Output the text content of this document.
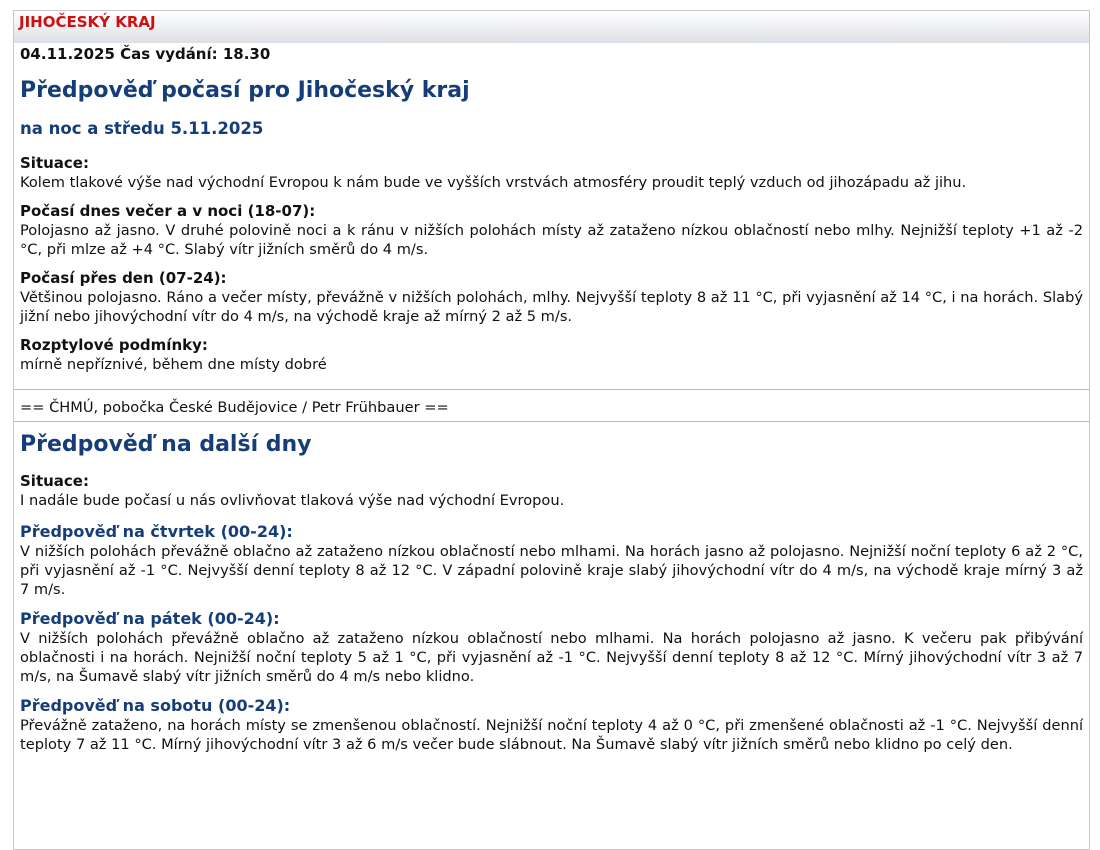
JIHOČESKÝ KRAJ
04.11.2025 Čas vydání: 18.30
Předpověď počasí pro Jihočeský kraj
na noc a středu 5.11.2025
Situace:
Kolem tlakové výše nad východní Evropou k nám bude ve vyšších vrstvách atmosféry proudit teplý vzduch od jihozápadu až jihu.
Počasí dnes večer a v noci (18-07):
Polojasno až jasno. V druhé polovině noci a k ránu v nižších polohách místy až zataženo nízkou oblačností nebo mlhy. Nejnižší teploty +1 až -2 °C, při mlze až +4 °C. Slabý vítr jižních směrů do 4 m/s.
Počasí přes den (07-24):
Většinou polojasno. Ráno a večer místy, převážně v nižších polohách, mlhy. Nejvyšší teploty 8 až 11 °C, při vyjasnění až 14 °C, i na horách. Slabý jižní nebo jihovýchodní vítr do 4 m/s, na východě kraje až mírný 2 až 5 m/s.
Rozptylové podmínky:
mírně nepříznivé, během dne místy dobré
== ČHMÚ, pobočka České Budějovice / Petr Frühbauer ==
Předpověď na další dny
Situace:
I nadále bude počasí u nás ovlivňovat tlaková výše nad východní Evropou.
Předpověď na čtvrtek (00-24):
V nižších polohách převážně oblačno až zataženo nízkou oblačností nebo mlhami. Na horách jasno až polojasno. Nejnižší noční teploty 6 až 2 °C, při vyjasnění až -1 °C. Nejvyšší denní teploty 8 až 12 °C. V západní polovině kraje slabý jihovýchodní vítr do 4 m/s, na východě kraje mírný 3 až 7 m/s.
Předpověď na pátek (00-24):
V nižších polohách převážně oblačno až zataženo nízkou oblačností nebo mlhami. Na horách polojasno až jasno. K večeru pak přibývání oblačnosti i na horách. Nejnižší noční teploty 5 až 1 °C, při vyjasnění až -1 °C. Nejvyšší denní teploty 8 až 12 °C. Mírný jihovýchodní vítr 3 až 7 m/s, na Šumavě slabý vítr jižních směrů do 4 m/s nebo klidno.
Předpověď na sobotu (00-24):
Převážně zataženo, na horách místy se zmenšenou oblačností. Nejnižší noční teploty 4 až 0 °C, při zmenšené oblačnosti až -1 °C. Nejvyšší denní teploty 7 až 11 °C. Mírný jihovýchodní vítr 3 až 6 m/s večer bude slábnout. Na Šumavě slabý vítr jižních směrů nebo klidno po celý den.
